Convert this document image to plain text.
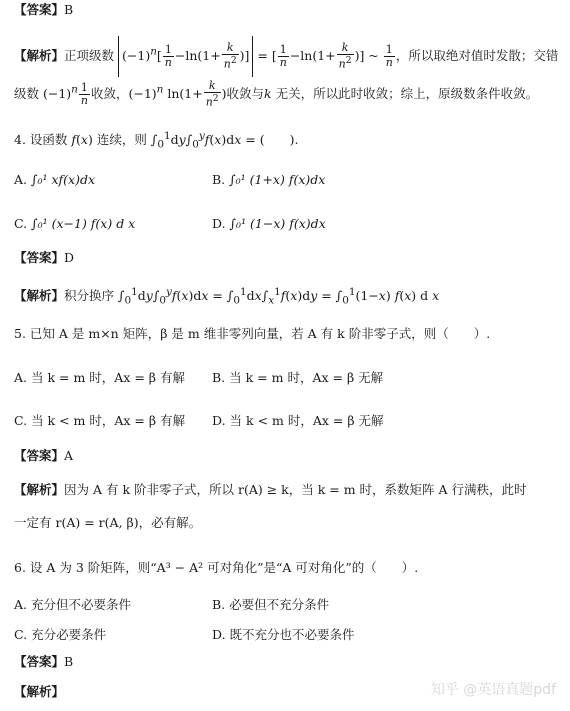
【答案】B
【解析】正项级数 $(-1)^n[ \frac{1}{n} -\ln(1+ \frac{k}{n^2}$ )] = [ $\frac{1}{n} -\ln(1+ \frac{k}{n^2}$ )] ~ $\frac{1}{n}$ ，所以取绝对值时发散；交错
级数 $(-1)^n \frac{1}{n}$ 收敛，$(-1)^n$ $\ln(1+ \frac{k}{n^2}$ )收敛与k 无关，所以此时收敛；综上，原级数条件收敛。
4. 设函数 f(x) 连续，则 $\int_0^1dy\int_0^yf(x)dx$ = (　　).
A. ∫₀¹ xf(x)dx	B. ∫₀¹ (1+x) f(x)dx
C. ∫₀¹ (x−1) f(x) d x	D. ∫₀¹ (1−x) f(x)dx
【答案】D
【解析】积分换序 $\int_0^1dy\int_0^yf(x)dx = \int_0^1dx\int_x^1f(x)dy = \int_0^1(1-x)$ f(x) d x
5. 已知 A 是 m×n 矩阵，β 是 m 维非零列向量，若 A 有 k 阶非零子式，则（　　）.
A. 当 k = m 时，Ax = β 有解 B. 当 k = m 时，Ax = β 无解
C. 当 k < m 时，Ax = β 有解 D. 当 k < m 时，Ax = β 无解
【答案】A
【解析】因为 A 有 k 阶非零子式，所以 r(A) ≥ k，当 k = m 时，系数矩阵 A 行满秩，此时
一定有 r(A) = r(A, β)，必有解。
6. 设 A 为 3 阶矩阵，则“A³ − A² 可对角化”是“A 可对角化”的（　　）.
A. 充分但不必要条件	B. 必要但不充分条件
C. 充分必要条件	D. 既不充分也不必要条件
【答案】B
【解析】	知乎 @英语真题pdf
